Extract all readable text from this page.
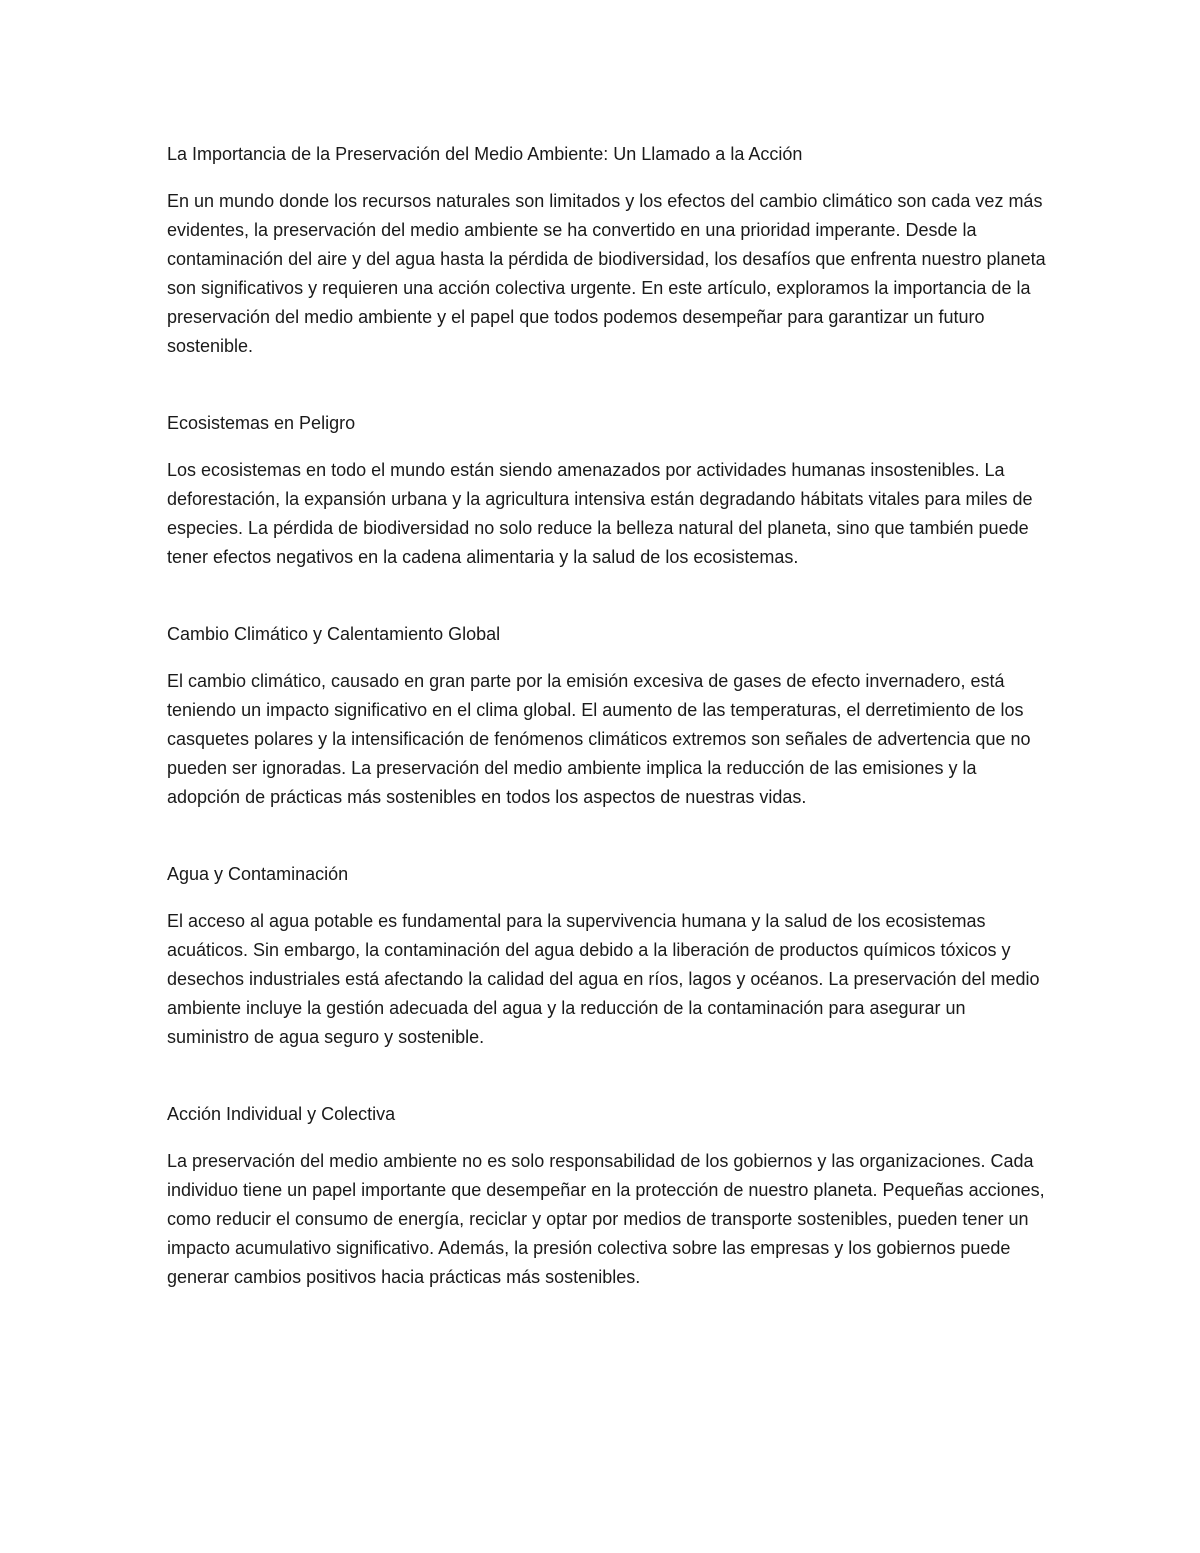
La Importancia de la Preservación del Medio Ambiente: Un Llamado a la Acción

En un mundo donde los recursos naturales son limitados y los efectos del cambio climático son cada vez más evidentes, la preservación del medio ambiente se ha convertido en una prioridad imperante. Desde la contaminación del aire y del agua hasta la pérdida de biodiversidad, los desafíos que enfrenta nuestro planeta son significativos y requieren una acción colectiva urgente. En este artículo, exploramos la importancia de la preservación del medio ambiente y el papel que todos podemos desempeñar para garantizar un futuro sostenible.

Ecosistemas en Peligro

Los ecosistemas en todo el mundo están siendo amenazados por actividades humanas insostenibles. La deforestación, la expansión urbana y la agricultura intensiva están degradando hábitats vitales para miles de especies. La pérdida de biodiversidad no solo reduce la belleza natural del planeta, sino que también puede tener efectos negativos en la cadena alimentaria y la salud de los ecosistemas.

Cambio Climático y Calentamiento Global

El cambio climático, causado en gran parte por la emisión excesiva de gases de efecto invernadero, está teniendo un impacto significativo en el clima global. El aumento de las temperaturas, el derretimiento de los casquetes polares y la intensificación de fenómenos climáticos extremos son señales de advertencia que no pueden ser ignoradas. La preservación del medio ambiente implica la reducción de las emisiones y la adopción de prácticas más sostenibles en todos los aspectos de nuestras vidas.

Agua y Contaminación

El acceso al agua potable es fundamental para la supervivencia humana y la salud de los ecosistemas acuáticos. Sin embargo, la contaminación del agua debido a la liberación de productos químicos tóxicos y desechos industriales está afectando la calidad del agua en ríos, lagos y océanos. La preservación del medio ambiente incluye la gestión adecuada del agua y la reducción de la contaminación para asegurar un suministro de agua seguro y sostenible.

Acción Individual y Colectiva

La preservación del medio ambiente no es solo responsabilidad de los gobiernos y las organizaciones. Cada individuo tiene un papel importante que desempeñar en la protección de nuestro planeta. Pequeñas acciones, como reducir el consumo de energía, reciclar y optar por medios de transporte sostenibles, pueden tener un impacto acumulativo significativo. Además, la presión colectiva sobre las empresas y los gobiernos puede generar cambios positivos hacia prácticas más sostenibles.
